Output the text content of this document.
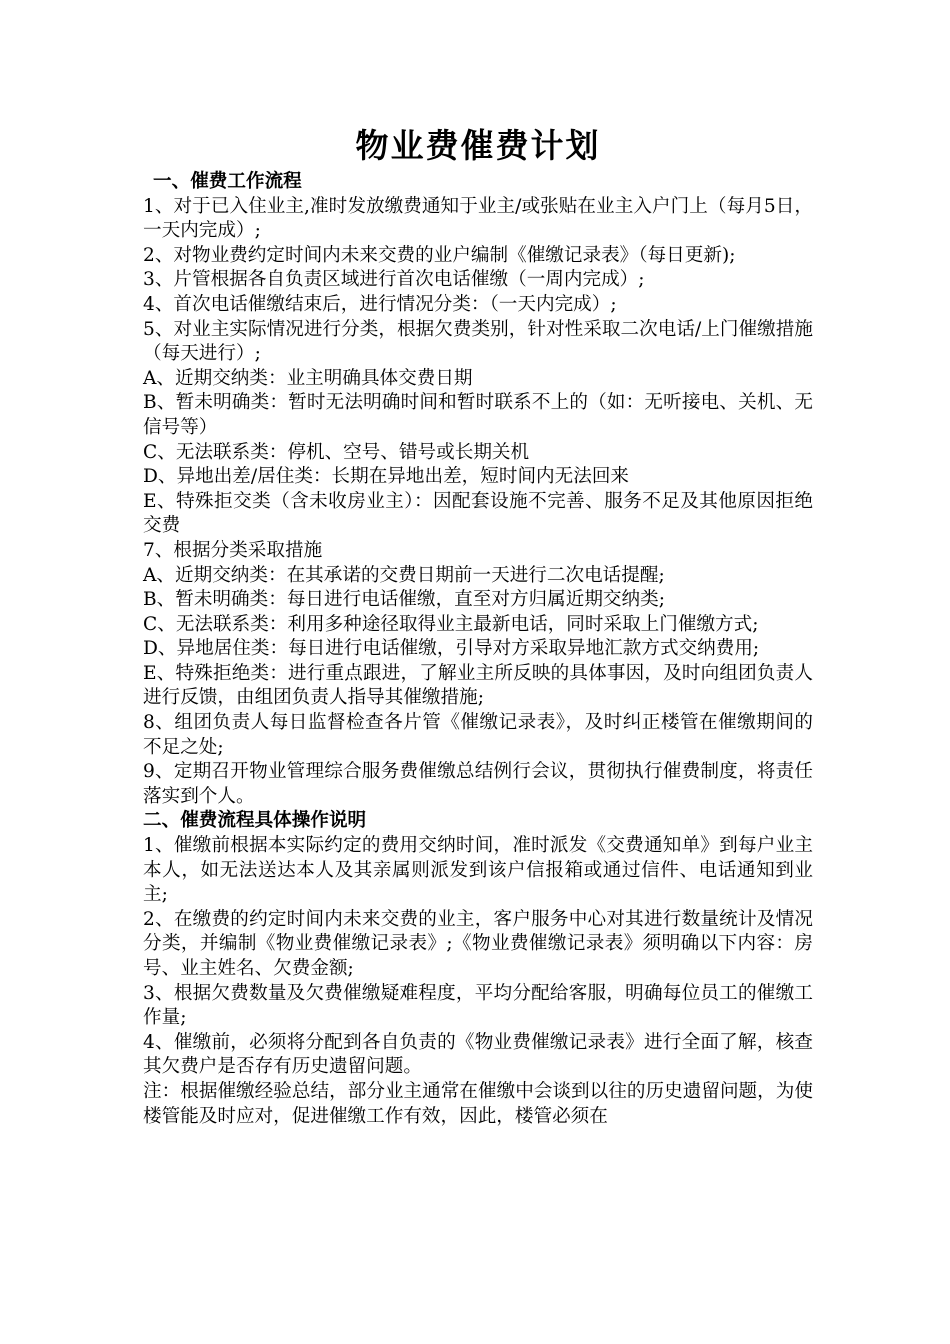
物业费催费计划
一、催费工作流程
1、对于已入住业主,准时发放缴费通知于业主/或张贴在业主入户门上（每月5日，一天内完成）;
2、对物业费约定时间内未来交费的业户编制《催缴记录表》（每日更新);
3、片管根据各自负责区域进行首次电话催缴（一周内完成）;
4、首次电话催缴结束后，进行情况分类：（一天内完成）;
5、对业主实际情况进行分类，根据欠费类别，针对性采取二次电话/上门催缴措施（每天进行）;
A、近期交纳类：业主明确具体交费日期
B、暂未明确类：暂时无法明确时间和暂时联系不上的（如：无听接电、关机、无信号等）
C、无法联系类：停机、空号、错号或长期关机
D、异地出差/居住类：长期在异地出差，短时间内无法回来
E、特殊拒交类（含未收房业主）：因配套设施不完善、服务不足及其他原因拒绝交费
7、根据分类采取措施
A、近期交纳类：在其承诺的交费日期前一天进行二次电话提醒;
B、暂未明确类：每日进行电话催缴，直至对方归属近期交纳类;
C、无法联系类：利用多种途径取得业主最新电话，同时采取上门催缴方式;
D、异地居住类：每日进行电话催缴，引导对方采取异地汇款方式交纳费用;
E、特殊拒绝类：进行重点跟进，了解业主所反映的具体事因，及时向组团负责人进行反馈，由组团负责人指导其催缴措施;
8、组团负责人每日监督检查各片管《催缴记录表》，及时纠正楼管在催缴期间的不足之处;
9、定期召开物业管理综合服务费催缴总结例行会议，贯彻执行催费制度，将责任落实到个人。
二、催费流程具体操作说明
1、催缴前根据本实际约定的费用交纳时间，准时派发《交费通知单》到每户业主本人，如无法送达本人及其亲属则派发到该户信报箱或通过信件、电话通知到业主;
2、在缴费的约定时间内未来交费的业主，客户服务中心对其进行数量统计及情况分类，并编制《物业费催缴记录表》;《物业费催缴记录表》须明确以下内容：房号、业主姓名、欠费金额;
3、根据欠费数量及欠费催缴疑难程度，平均分配给客服，明确每位员工的催缴工作量;
4、催缴前，必须将分配到各自负责的《物业费催缴记录表》进行全面了解，核查其欠费户是否存有历史遗留问题。
注：根据催缴经验总结，部分业主通常在催缴中会谈到以往的历史遗留问题，为使楼管能及时应对，促进催缴工作有效，因此，楼管必须在
